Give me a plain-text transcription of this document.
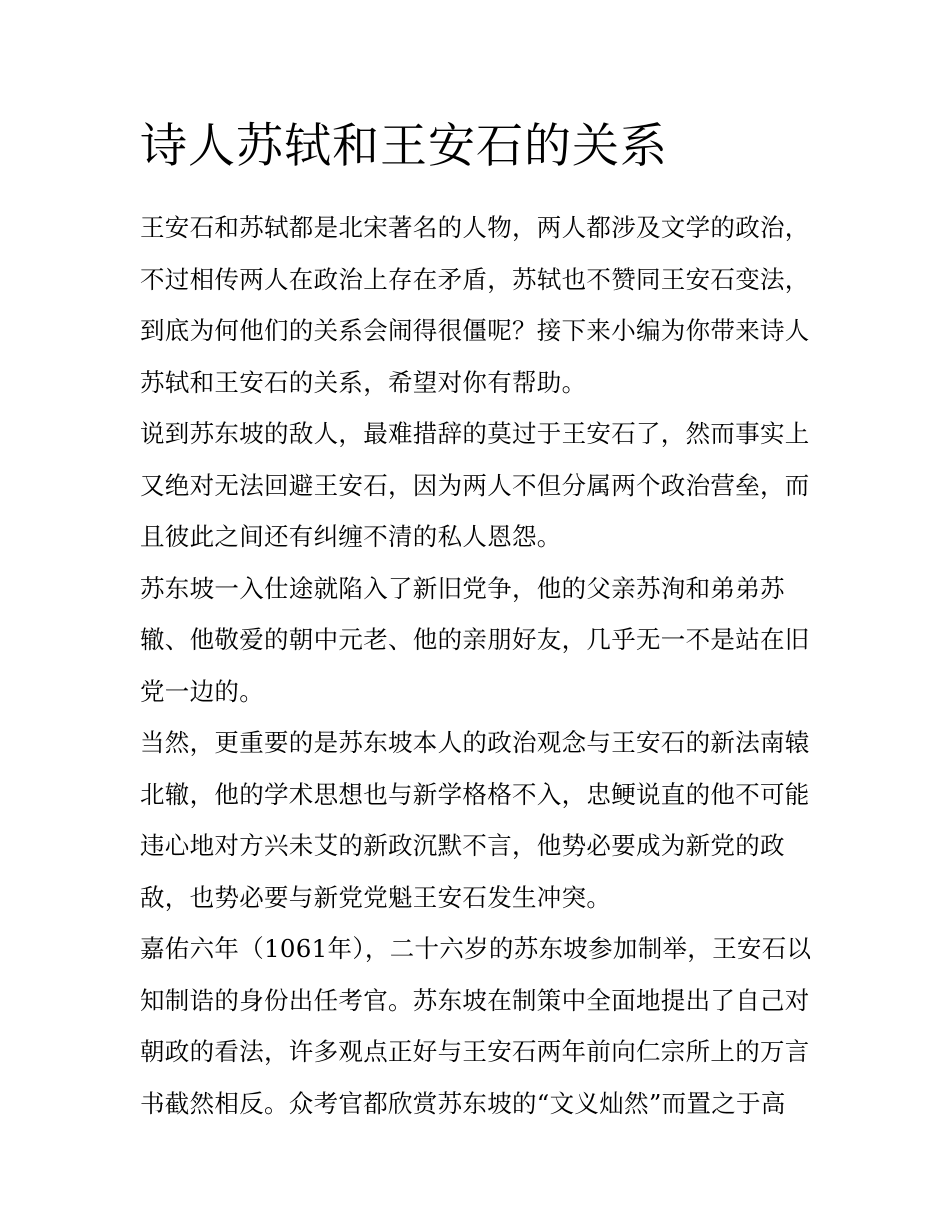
诗人苏轼和王安石的关系

王安石和苏轼都是北宋著名的人物，两人都涉及文学的政治，
不过相传两人在政治上存在矛盾，苏轼也不赞同王安石变法，
到底为何他们的关系会闹得很僵呢？接下来小编为你带来诗人
苏轼和王安石的关系，希望对你有帮助。

说到苏东坡的敌人，最难措辞的莫过于王安石了，然而事实上
又绝对无法回避王安石，因为两人不但分属两个政治营垒，而
且彼此之间还有纠缠不清的私人恩怨。

苏东坡一入仕途就陷入了新旧党争，他的父亲苏洵和弟弟苏
辙、他敬爱的朝中元老、他的亲朋好友，几乎无一不是站在旧
党一边的。

当然，更重要的是苏东坡本人的政治观念与王安石的新法南辕
北辙，他的学术思想也与新学格格不入，忠鲠说直的他不可能
违心地对方兴未艾的新政沉默不言，他势必要成为新党的政
敌，也势必要与新党党魁王安石发生冲突。

嘉佑六年（1061年），二十六岁的苏东坡参加制举，王安石以
知制诰的身份出任考官。苏东坡在制策中全面地提出了自己对
朝政的看法，许多观点正好与王安石两年前向仁宗所上的万言
书截然相反。众考官都欣赏苏东坡的“文义灿然”而置之于高
